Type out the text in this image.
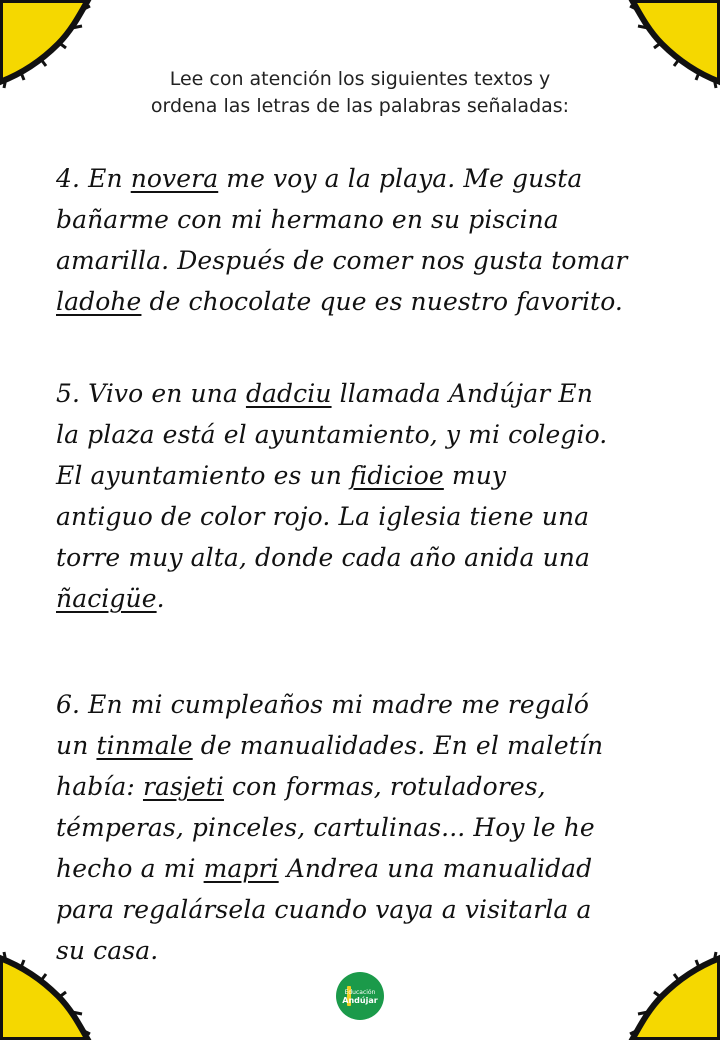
Lee con atención los siguientes textos y
ordena las letras de las palabras señaladas:
4. En novera me voy a la playa. Me gusta
bañarme con mi hermano en su piscina
amarilla. Después de comer nos gusta tomar
ladohe de chocolate que es nuestro favorito.
5. Vivo en una dadciu llamada Andújar En
la plaza está el ayuntamiento, y mi colegio.
El ayuntamiento es un fidicioe muy
antiguo de color rojo. La iglesia tiene una
torre muy alta, donde cada año anida una
ñacigüe.
6. En mi cumpleaños mi madre me regaló
un tinmale de manualidades. En el maletín
había: rasjeti con formas, rotuladores,
témperas, pinceles, cartulinas... Hoy le he
hecho a mi mapri Andrea una manualidad
para regalársela cuando vaya a visitarla a
su casa.
Educación
Andújar
